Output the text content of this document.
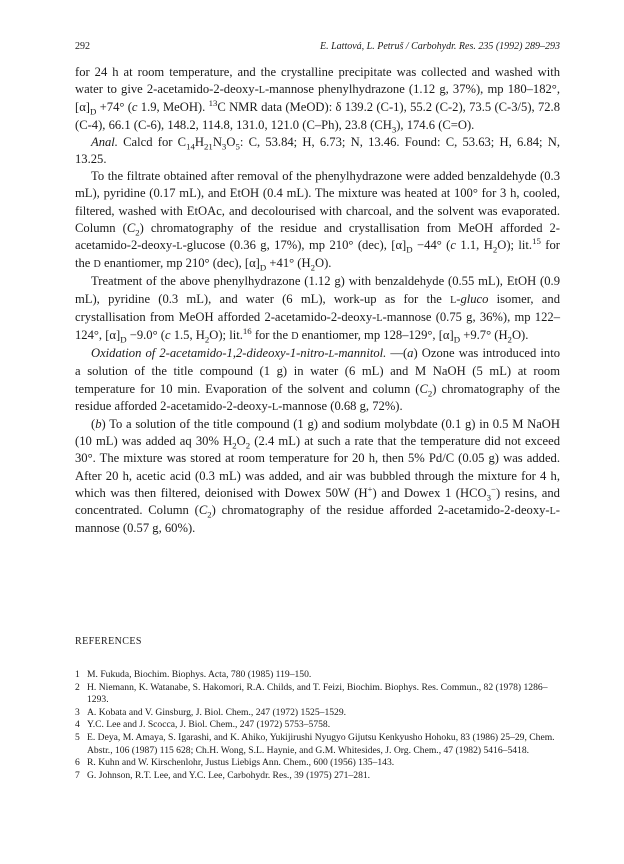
292	E. Lattová, L. Petruš / Carbohydr. Res. 235 (1992) 289–293

for 24 h at room temperature, and the crystalline precipitate was collected and washed with water to give 2-acetamido-2-deoxy-L-mannose phenylhydrazone (1.12 g, 37%), mp 180–182°, $[\alpha]_D +74^\circ$ (c 1.9, MeOH). $^{13}$C NMR data (MeOD): δ 139.2 (C-1), 55.2 (C-2), 73.5 (C-3/5), 72.8 (C-4), 66.1 (C-6), 148.2, 114.8, 131.0, 121.0 (C–Ph), 23.8 $(CH_3)$, 174.6 (C=O).

Anal. Calcd for $C_{14}H_{21}N_3O_5$: C, 53.84; H, 6.73; N, 13.46. Found: C, 53.63; H, 6.84; N, 13.25.

To the filtrate obtained after removal of the phenylhydrazone were added benzaldehyde (0.3 mL), pyridine (0.17 mL), and EtOH (0.4 mL). The mixture was heated at 100° for 3 h, cooled, filtered, washed with EtOAc, and decolourised with charcoal, and the solvent was evaporated. Column $(C_2)$ chromatography of the residue and crystallisation from MeOH afforded 2-acetamido-2-deoxy-L-glucose (0.36 g, 17%), mp 210° (dec), $[\alpha]_D -44^\circ$ (c 1.1, $H_2O$); lit.$^{15}$ for the D enantiomer, mp 210° (dec), $[\alpha]_D +41^\circ$ $(H_2O)$.

Treatment of the above phenylhydrazone (1.12 g) with benzaldehyde (0.55 mL), EtOH (0.9 mL), pyridine (0.3 mL), and water (6 mL), work-up as for the L-gluco isomer, and crystallisation from MeOH afforded 2-acetamido-2-deoxy-L-mannose (0.75 g, 36%), mp 122–124°, $[\alpha]_D -9.0^\circ$ (c 1.5, $H_2O$); lit.$^{16}$ for the D enantiomer, mp 128–129°, $[\alpha]_D +9.7^\circ$ $(H_2O)$.

Oxidation of 2-acetamido-1,2-dideoxy-1-nitro-L-mannitol. —(a) Ozone was introduced into a solution of the title compound (1 g) in water (6 mL) and M NaOH (5 mL) at room temperature for 10 min. Evaporation of the solvent and column $(C_2)$ chromatography of the residue afforded 2-acetamido-2-deoxy-L-mannose (0.68 g, 72%).

(b) To a solution of the title compound (1 g) and sodium molybdate (0.1 g) in 0.5 M NaOH (10 mL) was added aq 30% $H_2O_2$ (2.4 mL) at such a rate that the temperature did not exceed 30°. The mixture was stored at room temperature for 20 h, then 5% Pd/C (0.05 g) was added. After 20 h, acetic acid (0.3 mL) was added, and air was bubbled through the mixture for 4 h, which was then filtered, deionised with Dowex 50W (H+) and Dowex 1 $(HCO_3^-)$ resins, and concentrated. Column $(C_2)$ chromatography of the residue afforded 2-acetamido-2-deoxy-L-mannose (0.57 g, 60%).

REFERENCES

1 M. Fukuda, Biochim. Biophys. Acta, 780 (1985) 119–150.

2 H. Niemann, K. Watanabe, S. Hakomori, R.A. Childs, and T. Feizi, Biochim. Biophys. Res. Commun., 82 (1978) 1286–1293.

3 A. Kobata and V. Ginsburg, J. Biol. Chem., 247 (1972) 1525–1529.

4 Y.C. Lee and J. Scocca, J. Biol. Chem., 247 (1972) 5753–5758.

5 E. Deya, M. Amaya, S. Igarashi, and K. Ahiko, Yukijirushi Nyugyo Gijutsu Kenkyusho Hohoku, 83 (1986) 25–29, Chem. Abstr., 106 (1987) 115 628; Ch.H. Wong, S.L. Haynie, and G.M. Whitesides, J. Org. Chem., 47 (1982) 5416–5418.

6 R. Kuhn and W. Kirschenlohr, Justus Liebigs Ann. Chem., 600 (1956) 135–143.

7 G. Johnson, R.T. Lee, and Y.C. Lee, Carbohydr. Res., 39 (1975) 271–281.
